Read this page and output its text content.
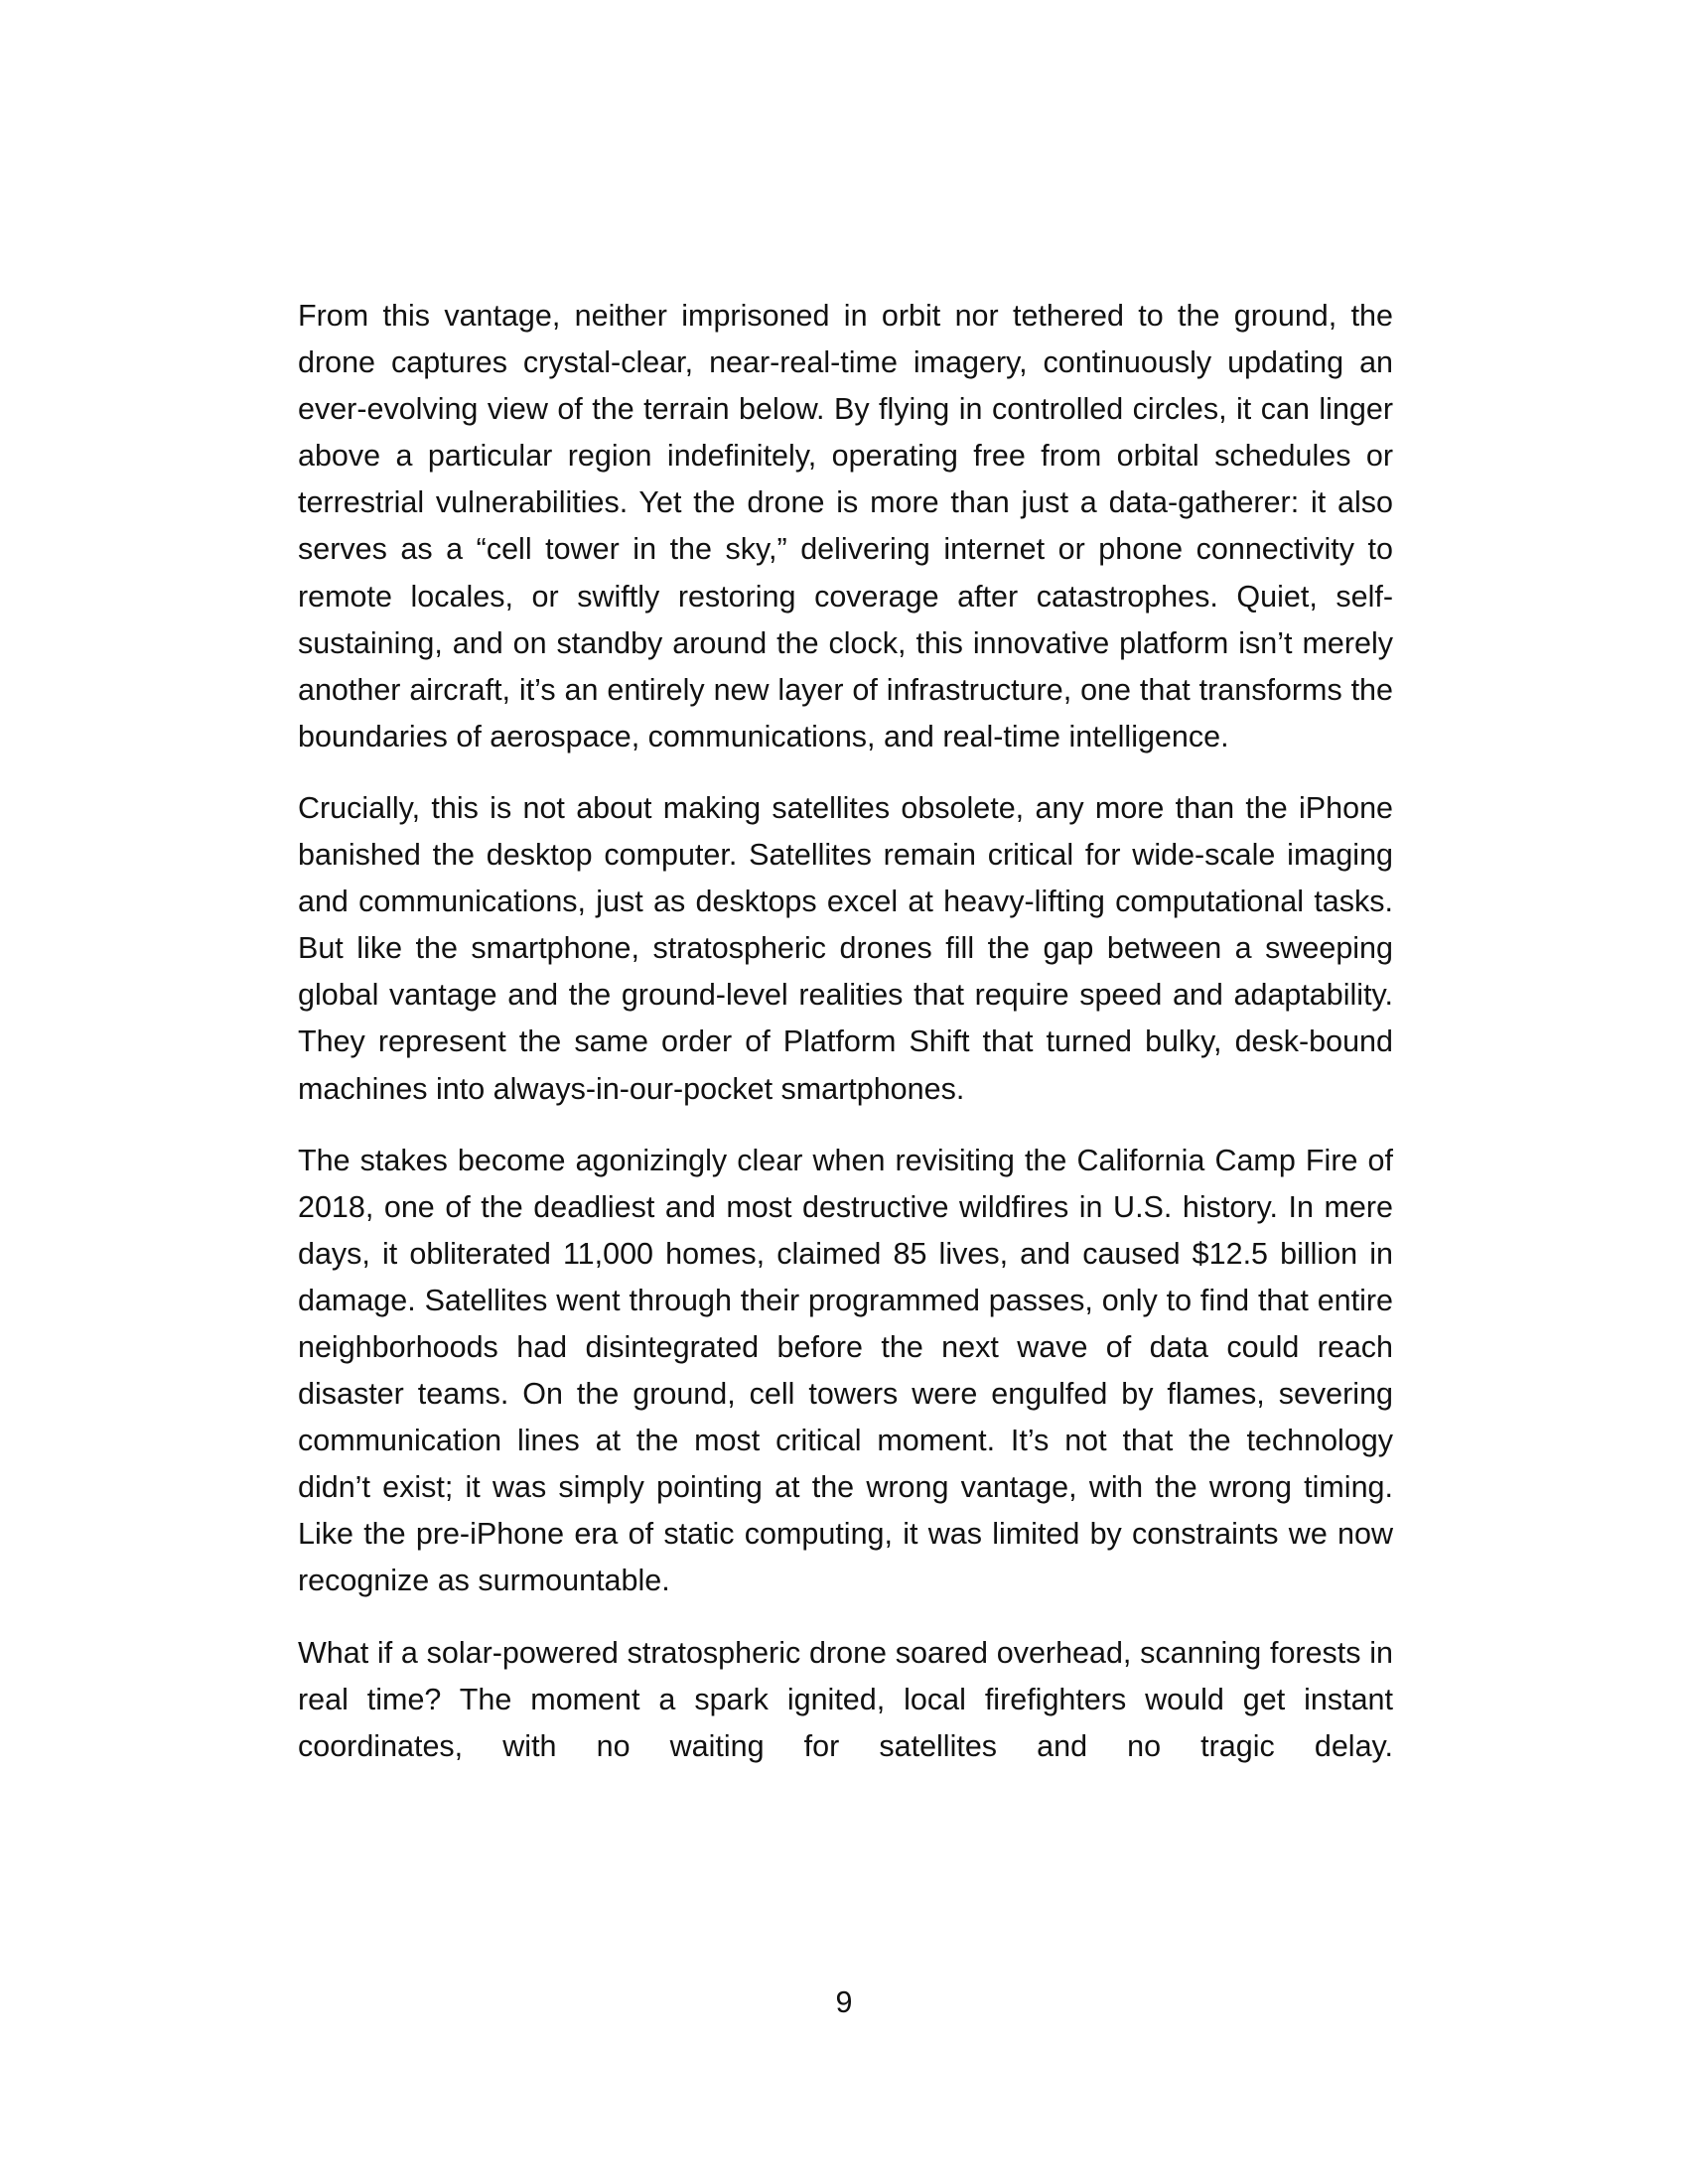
From this vantage, neither imprisoned in orbit nor tethered to the ground, the drone captures crystal-clear, near-real-time imagery, continuously updating an ever-evolving view of the terrain below. By flying in controlled circles, it can linger above a particular region indefinitely, operating free from orbital schedules or terrestrial vulnerabilities. Yet the drone is more than just a data-gatherer: it also serves as a “cell tower in the sky,” delivering internet or phone connectivity to remote locales, or swiftly restoring coverage after catastrophes. Quiet, self-sustaining, and on standby around the clock, this innovative platform isn’t merely another aircraft, it’s an entirely new layer of infrastructure, one that transforms the boundaries of aerospace, communications, and real-time intelligence.

Crucially, this is not about making satellites obsolete, any more than the iPhone banished the desktop computer. Satellites remain critical for wide-scale imaging and communications, just as desktops excel at heavy-lifting computational tasks. But like the smartphone, stratospheric drones fill the gap between a sweeping global vantage and the ground-level realities that require speed and adaptability. They represent the same order of Platform Shift that turned bulky, desk-bound machines into always-in-our-pocket smartphones.

The stakes become agonizingly clear when revisiting the California Camp Fire of 2018, one of the deadliest and most destructive wildfires in U.S. history. In mere days, it obliterated 11,000 homes, claimed 85 lives, and caused $12.5 billion in damage. Satellites went through their programmed passes, only to find that entire neighborhoods had disintegrated before the next wave of data could reach disaster teams. On the ground, cell towers were engulfed by flames, severing communication lines at the most critical moment. It’s not that the technology didn’t exist; it was simply pointing at the wrong vantage, with the wrong timing. Like the pre-iPhone era of static computing, it was limited by constraints we now recognize as surmountable.

What if a solar-powered stratospheric drone soared overhead, scanning forests in real time? The moment a spark ignited, local firefighters would get instant coordinates, with no waiting for satellites and no tragic delay.

9
